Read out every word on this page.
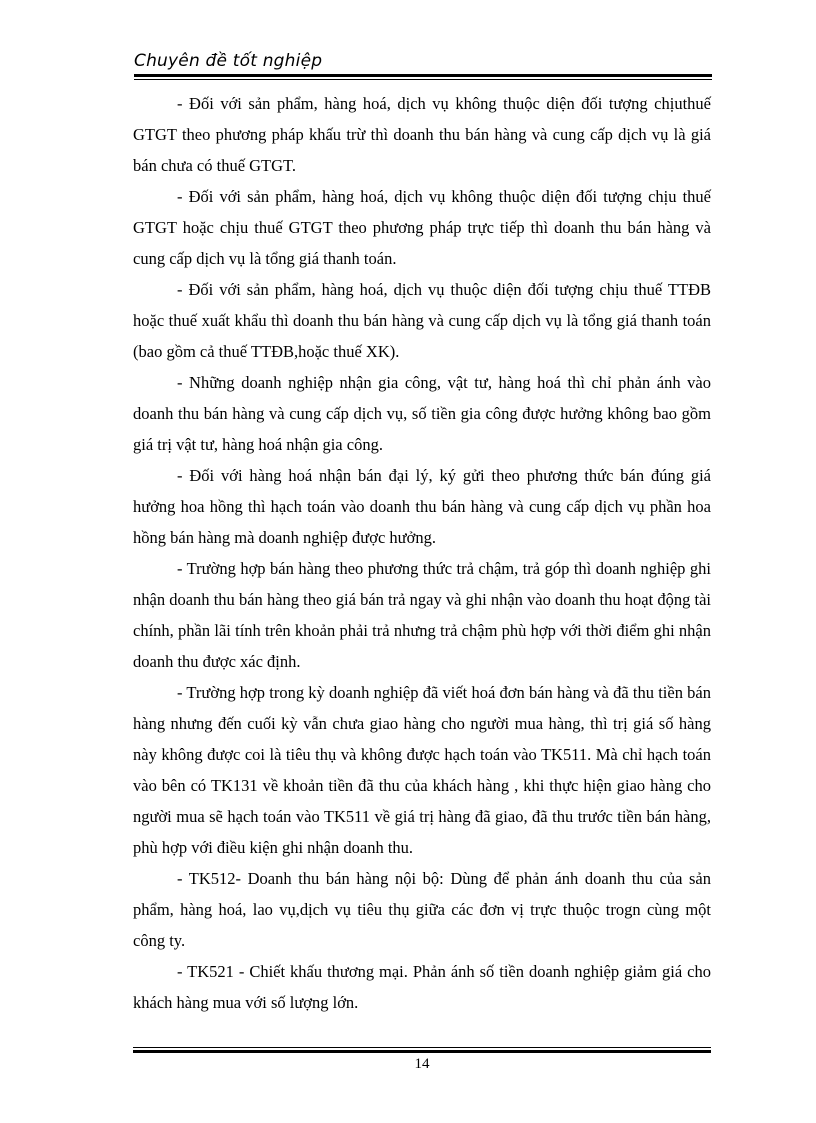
Chuyên đề tốt nghiệp

- Đối với sản phẩm, hàng hoá, dịch vụ không thuộc diện đối tượng chịuthuế GTGT theo phương pháp khấu trừ thì doanh thu bán hàng và cung cấp dịch vụ là giá bán chưa có thuế GTGT.

- Đối với sản phẩm, hàng hoá, dịch vụ không thuộc diện đối tượng chịu thuế GTGT hoặc chịu thuế GTGT theo phương pháp trực tiếp thì doanh thu bán hàng và cung cấp dịch vụ là tổng giá thanh toán.

- Đối với sản phẩm, hàng hoá, dịch vụ thuộc diện đối tượng chịu thuế TTĐB hoặc thuế xuất khẩu thì doanh thu bán hàng và cung cấp dịch vụ là tổng giá thanh toán (bao gồm cả thuế TTĐB,hoặc thuế XK).

- Những doanh nghiệp nhận gia công, vật tư, hàng hoá thì chỉ phản ánh vào doanh thu bán hàng và cung cấp dịch vụ, số tiền gia công được hưởng không bao gồm giá trị vật tư, hàng hoá nhận gia công.

- Đối với hàng hoá nhận bán đại lý, ký gửi theo phương thức bán đúng giá hưởng hoa hồng thì hạch toán vào doanh thu bán hàng và cung cấp dịch vụ phần hoa hồng bán hàng mà doanh nghiệp được hưởng.

- Trường hợp bán hàng theo phương thức trả chậm, trả góp thì doanh nghiệp ghi nhận doanh thu bán hàng theo giá bán trả ngay và ghi nhận vào doanh thu hoạt động tài chính, phần lãi tính trên khoản phải trả nhưng trả chậm phù hợp với thời điểm ghi nhận doanh thu được xác định.

- Trường hợp trong kỳ doanh nghiệp đã viết hoá đơn bán hàng và đã thu tiền bán hàng nhưng đến cuối kỳ vẫn chưa giao hàng cho người mua hàng, thì trị giá số hàng này không được coi là tiêu thụ và không được hạch toán vào TK511. Mà chỉ hạch toán vào bên có TK131 về khoản tiền đã thu của khách hàng , khi thực hiện giao hàng cho người mua sẽ hạch toán vào TK511 về giá trị hàng đã giao, đã thu trước tiền bán hàng, phù hợp với điều kiện ghi nhận doanh thu.

- TK512- Doanh thu bán hàng nội bộ: Dùng để phản ánh doanh thu của sản phẩm, hàng hoá, lao vụ,dịch vụ tiêu thụ giữa các đơn vị trực thuộc trogn cùng một công ty.

- TK521 - Chiết khấu thương mại. Phản ánh số tiền doanh nghiệp giảm giá cho khách hàng mua với số lượng lớn.

14
